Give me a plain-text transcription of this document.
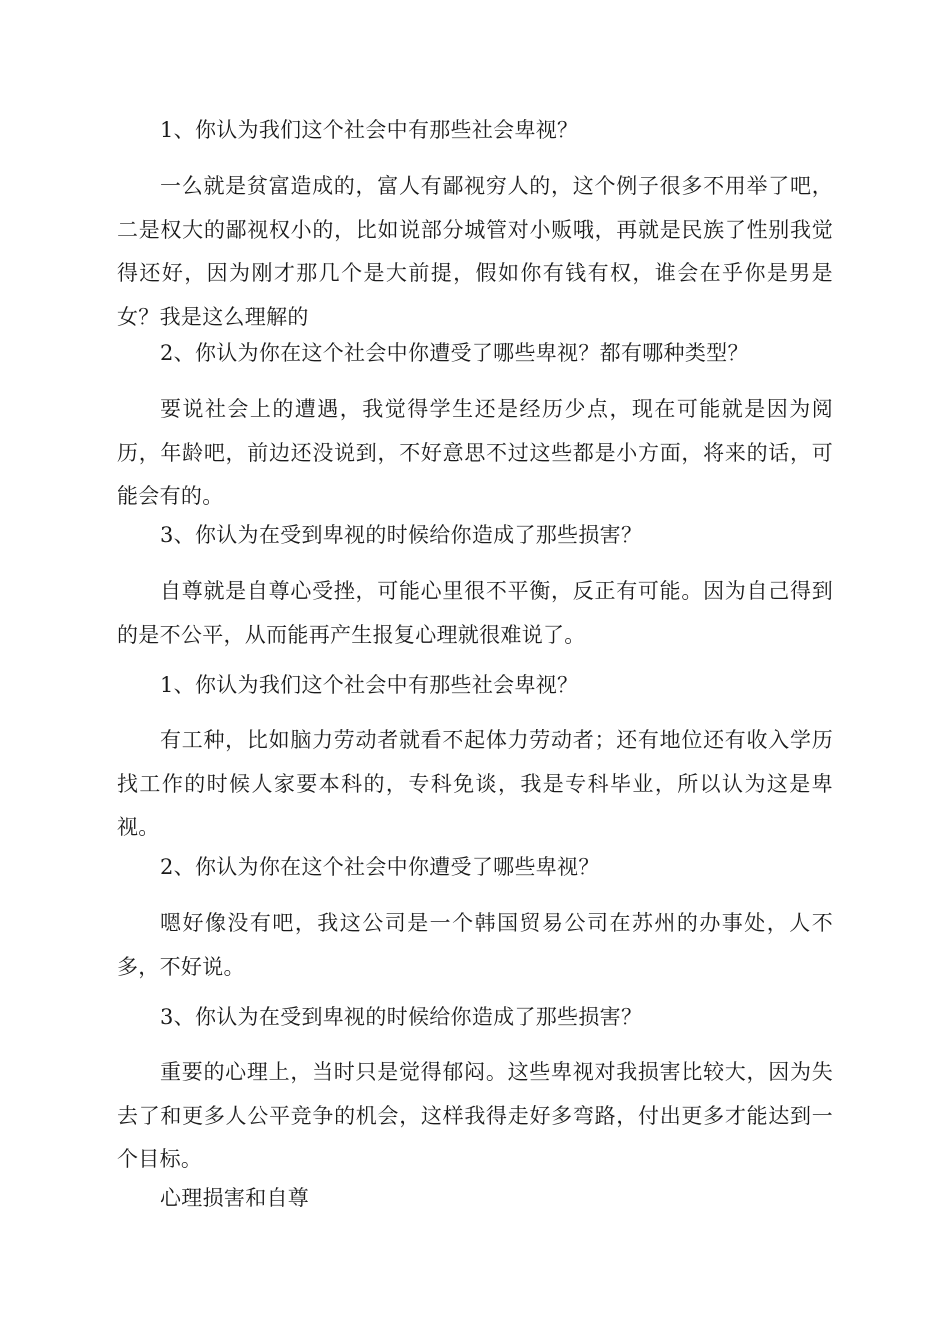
1、你认为我们这个社会中有那些社会卑视？

一么就是贫富造成的，富人有鄙视穷人的，这个例子很多不用举了吧，二是权大的鄙视权小的，比如说部分城管对小贩哦，再就是民族了性别我觉得还好，因为刚才那几个是大前提，假如你有钱有权，谁会在乎你是男是女？我是这么理解的

2、你认为你在这个社会中你遭受了哪些卑视？都有哪种类型？

要说社会上的遭遇，我觉得学生还是经历少点，现在可能就是因为阅历，年龄吧，前边还没说到，不好意思不过这些都是小方面，将来的话，可能会有的。

3、你认为在受到卑视的时候给你造成了那些损害？

自尊就是自尊心受挫，可能心里很不平衡，反正有可能。因为自己得到的是不公平，从而能再产生报复心理就很难说了。

1、你认为我们这个社会中有那些社会卑视？

有工种，比如脑力劳动者就看不起体力劳动者；还有地位还有收入学历找工作的时候人家要本科的，专科免谈，我是专科毕业，所以认为这是卑视。

2、你认为你在这个社会中你遭受了哪些卑视？

嗯好像没有吧，我这公司是一个韩国贸易公司在苏州的办事处，人不多，不好说。

3、你认为在受到卑视的时候给你造成了那些损害？

重要的心理上，当时只是觉得郁闷。这些卑视对我损害比较大，因为失去了和更多人公平竞争的机会，这样我得走好多弯路，付出更多才能达到一个目标。

心理损害和自尊
